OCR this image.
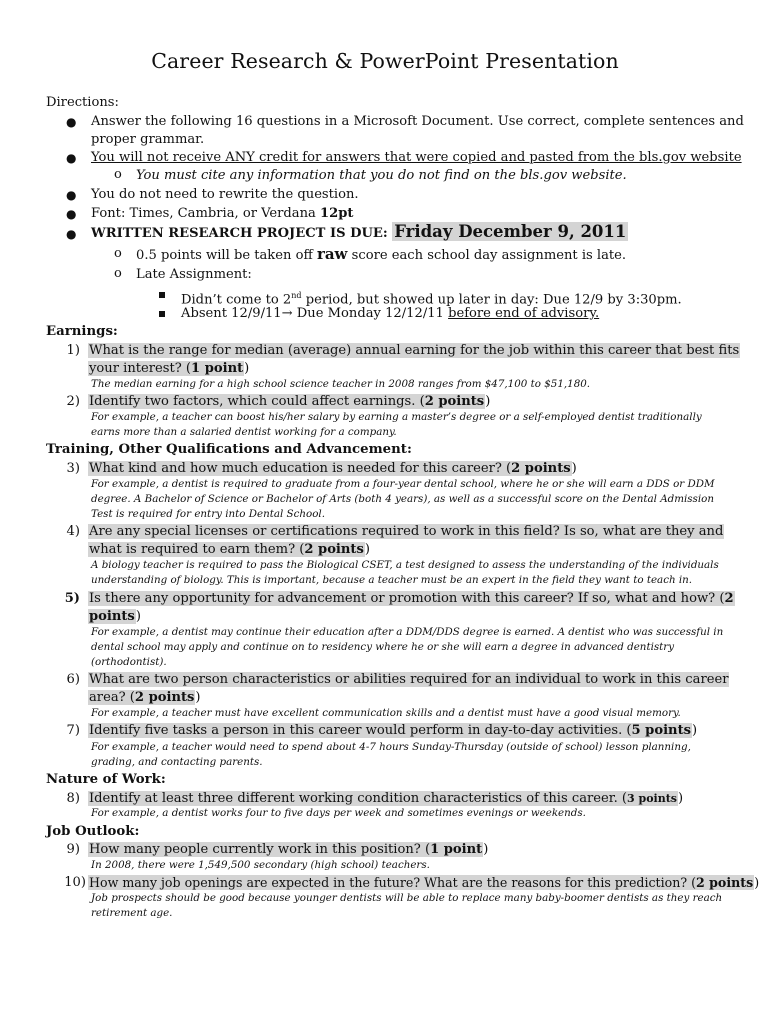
Career Research & PowerPoint Presentation
Directions:
● Answer the following 16 questions in a Microsoft Document. Use correct, complete sentences and
proper grammar.
● You will not receive ANY credit for answers that were copied and pasted from the bls.gov website
o You must cite any information that you do not find on the bls.gov website.
● You do not need to rewrite the question.
● Font: Times, Cambria, or Verdana 12pt
● WRITTEN RESEARCH PROJECT IS DUE: Friday December 9, 2011
o 0.5 points will be taken off raw score each school day assignment is late.
o Late Assignment:
Didn’t come to 2nd period, but showed up later in day: Due 12/9 by 3:30pm.
Absent 12/9/11→ Due Monday 12/12/11 before end of advisory.
Earnings:
1) What is the range for median (average) annual earning for the job within this career that best fits
your interest? (1 point)
The median earning for a high school science teacher in 2008 ranges from $47,100 to $51,180.
2) Identify two factors, which could affect earnings. (2 points)
For example, a teacher can boost his/her salary by earning a master’s degree or a self-employed dentist traditionally
earns more than a salaried dentist working for a company.
Training, Other Qualifications and Advancement:
3) What kind and how much education is needed for this career? (2 points)
For example, a dentist is required to graduate from a four-year dental school, where he or she will earn a DDS or DDM
degree. A Bachelor of Science or Bachelor of Arts (both 4 years), as well as a successful score on the Dental Admission
Test is required for entry into Dental School.
4) Are any special licenses or certifications required to work in this field? Is so, what are they and
what is required to earn them? (2 points)
A biology teacher is required to pass the Biological CSET, a test designed to assess the understanding of the individuals
understanding of biology. This is important, because a teacher must be an expert in the field they want to teach in.
5) Is there any opportunity for advancement or promotion with this career? If so, what and how? (2
points)
For example, a dentist may continue their education after a DDM/DDS degree is earned. A dentist who was successful in
dental school may apply and continue on to residency where he or she will earn a degree in advanced dentistry
(orthodontist).
6) What are two person characteristics or abilities required for an individual to work in this career
area? (2 points)
For example, a teacher must have excellent communication skills and a dentist must have a good visual memory.
7) Identify five tasks a person in this career would perform in day-to-day activities. (5 points)
For example, a teacher would need to spend about 4-7 hours Sunday-Thursday (outside of school) lesson planning,
grading, and contacting parents.
Nature of Work:
8) Identify at least three different working condition characteristics of this career. (3 points)
For example, a dentist works four to five days per week and sometimes evenings or weekends.
Job Outlook:
9) How many people currently work in this position? (1 point)
In 2008, there were 1,549,500 secondary (high school) teachers.
10) How many job openings are expected in the future? What are the reasons for this prediction? (2 points)
Job prospects should be good because younger dentists will be able to replace many baby-boomer dentists as they reach
retirement age.
